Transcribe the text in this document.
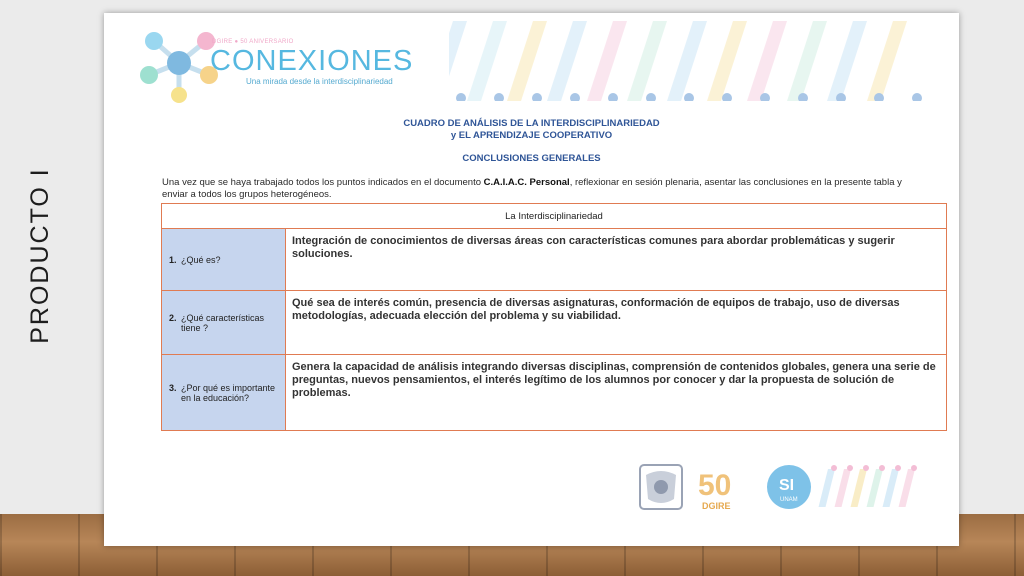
PRODUCTO I
DGIRE ● 50 ANIVERSARIO
CONEXIONES
Una mirada desde la interdisciplinariedad
CUADRO DE ANÁLISIS DE LA INTERDISCIPLINARIEDAD
y EL APRENDIZAJE COOPERATIVO
CONCLUSIONES GENERALES
Una vez que se haya trabajado todos los puntos indicados en el documento C.A.I.A.C. Personal, reflexionar en sesión plenaria, asentar las conclusiones en la presente tabla y enviar a todos los grupos heterogéneos.
La Interdisciplinariedad	

1. ¿Qué es?	Integración de conocimientos de diversas áreas con características comunes para abordar problemáticas y sugerir soluciones.

2. ¿Qué características tiene ?	Qué sea de interés común, presencia de diversas asignaturas, conformación de equipos de trabajo, uso de diversas metodologías, adecuada elección del problema y su viabilidad.

3. ¿Por qué es importante en la educación?	Genera la capacidad de análisis integrando diversas disciplinas, comprensión de contenidos globales, genera una serie de preguntas, nuevos pensamientos, el interés legítimo de los alumnos por conocer y dar la propuesta de solución de problemas.
50
DGIRE
SI
UNAM
